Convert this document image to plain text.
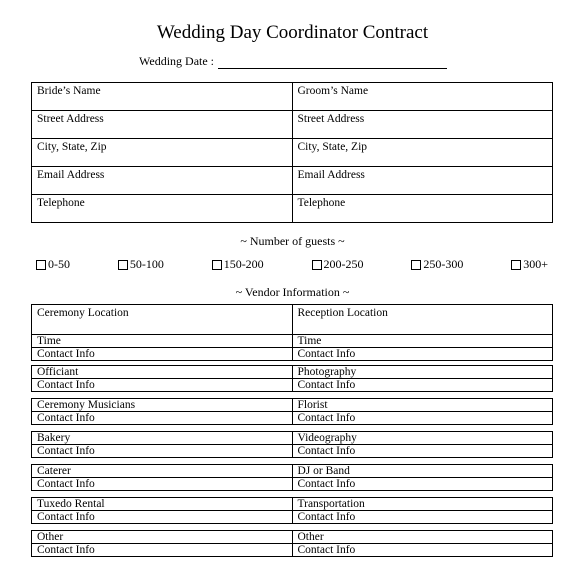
Wedding Day Coordinator Contract
Wedding Date :
Bride’s Name	Groom’s Name
Street Address	Street Address
City, State, Zip	City, State, Zip
Email Address	Email Address
Telephone	Telephone
~ Number of guests ~
0-50	50-100	150-200	200-250	250-300	300+
~ Vendor Information ~
Ceremony Location	Reception Location
Time	Time
Contact Info	Contact Info
Officiant	Photography
Contact Info	Contact Info
Ceremony Musicians	Florist
Contact Info	Contact Info
Bakery	Videography
Contact Info	Contact Info
Caterer	DJ or Band
Contact Info	Contact Info
Tuxedo Rental	Transportation
Contact Info	Contact Info
Other	Other
Contact Info	Contact Info
